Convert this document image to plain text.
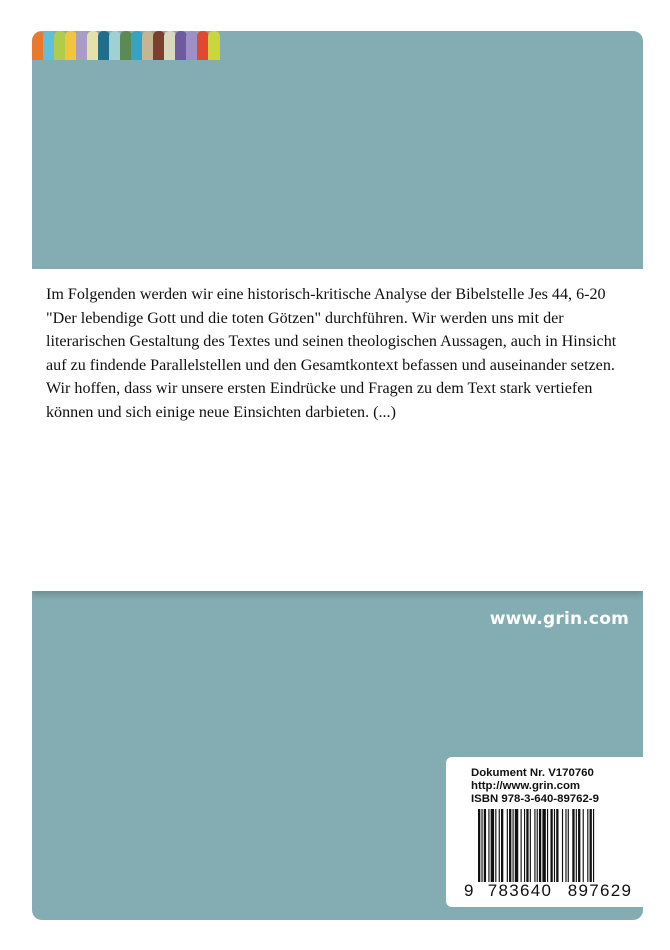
Im Folgenden werden wir eine historisch-kritische Analyse der Bibelstelle Jes 44, 6-20
"Der lebendige Gott und die toten Götzen" durchführen. Wir werden uns mit der
literarischen Gestaltung des Textes und seinen theologischen Aussagen, auch in Hinsicht
auf zu findende Parallelstellen und den Gesamtkontext befassen und auseinander setzen.
Wir hoffen, dass wir unsere ersten Eindrücke und Fragen zu dem Text stark vertiefen
können und sich einige neue Einsichten darbieten. (...)

www.grin.com
Dokument Nr. V170760
http://www.grin.com
ISBN 978-3-640-89762-9
9 783640 897629
